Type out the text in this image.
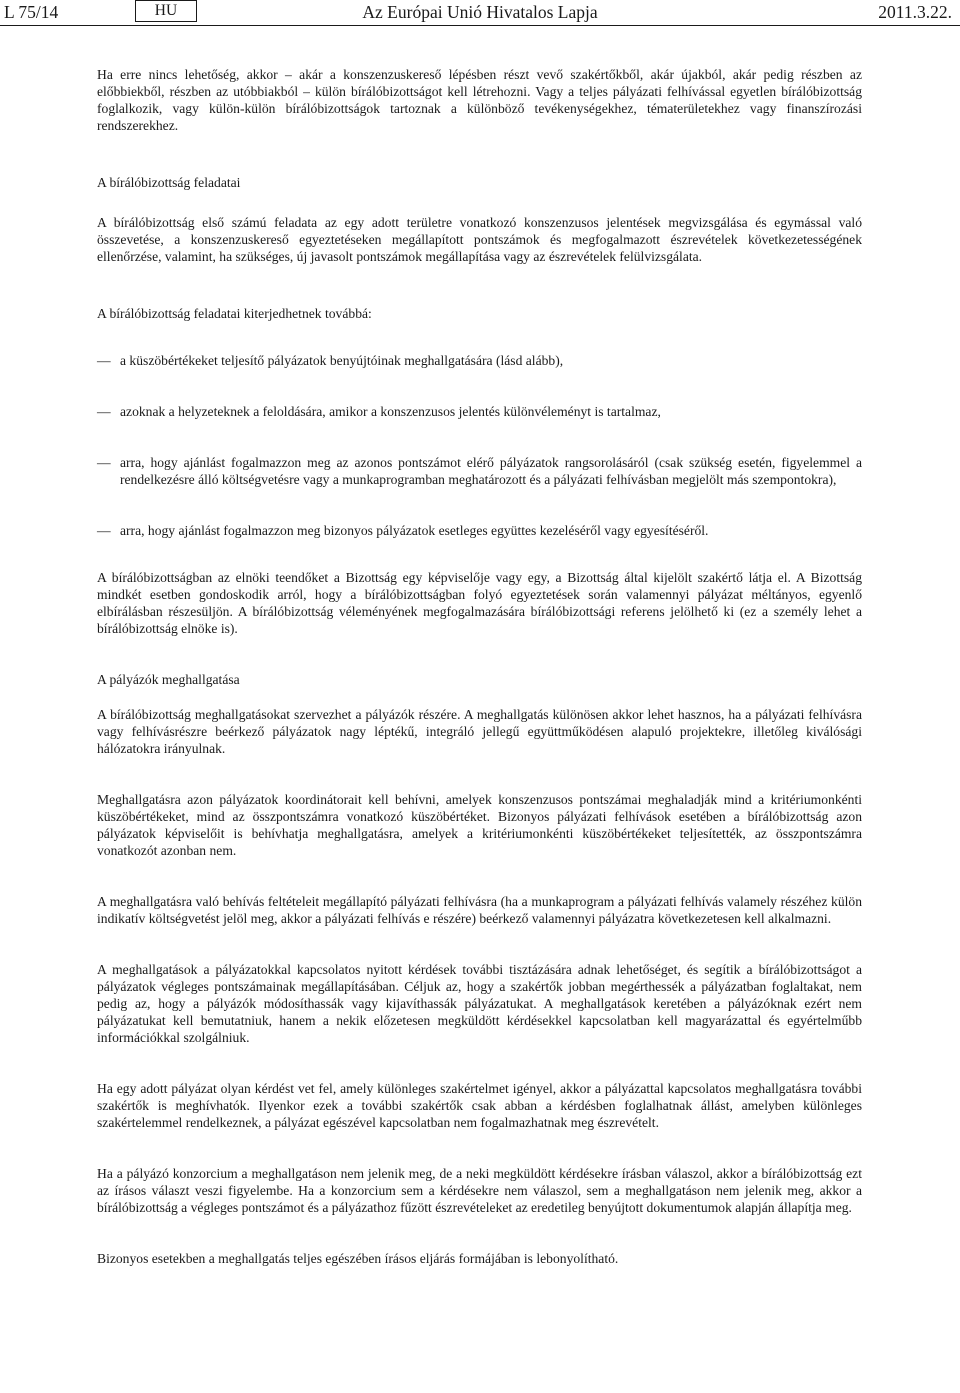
L 75/14	HU	Az Európai Unió Hivatalos Lapja	2011.3.22.

Ha erre nincs lehetőség, akkor – akár a konszenzuskereső lépésben részt vevő szakértőkből, akár újakból, akár pedig részben az előbbiekből, részben az utóbbiakból – külön bírálóbizottságot kell létrehozni. Vagy a teljes pályázati felhívással egyetlen bírálóbizottság foglalkozik, vagy külön-külön bírálóbizottságok tartoznak a különböző tevékenységekhez, tématerületekhez vagy finanszírozási rendszerekhez.

A bírálóbizottság feladatai

A bírálóbizottság első számú feladata az egy adott területre vonatkozó konszenzusos jelentések megvizsgálása és egymással való összevetése, a konszenzuskereső egyeztetéseken megállapított pontszámok és megfogalmazott észrevételek következetességének ellenőrzése, valamint, ha szükséges, új javasolt pontszámok megállapítása vagy az észrevételek felülvizsgálata.

A bírálóbizottság feladatai kiterjedhetnek továbbá:

— a küszöbértékeket teljesítő pályázatok benyújtóinak meghallgatására (lásd alább),
— azoknak a helyzeteknek a feloldására, amikor a konszenzusos jelentés különvéleményt is tartalmaz,
— arra, hogy ajánlást fogalmazzon meg az azonos pontszámot elérő pályázatok rangsorolásáról (csak szükség esetén, figyelemmel a rendelkezésre álló költségvetésre vagy a munkaprogramban meghatározott és a pályázati felhívásban megjelölt más szempontokra),
— arra, hogy ajánlást fogalmazzon meg bizonyos pályázatok esetleges együttes kezeléséről vagy egyesítéséről.

A bírálóbizottságban az elnöki teendőket a Bizottság egy képviselője vagy egy, a Bizottság által kijelölt szakértő látja el. A Bizottság mindkét esetben gondoskodik arról, hogy a bírálóbizottságban folyó egyeztetések során valamennyi pályázat méltányos, egyenlő elbírálásban részesüljön. A bírálóbizottság véleményének megfogalmazására bírálóbizottsági referens jelölhető ki (ez a személy lehet a bírálóbizottság elnöke is).

A pályázók meghallgatása

A bírálóbizottság meghallgatásokat szervezhet a pályázók részére. A meghallgatás különösen akkor lehet hasznos, ha a pályázati felhívásra vagy felhívásrészre beérkező pályázatok nagy léptékű, integráló jellegű együttműködésen alapuló projektekre, illetőleg kiválósági hálózatokra irányulnak.

Meghallgatásra azon pályázatok koordinátorait kell behívni, amelyek konszenzusos pontszámai meghaladják mind a kritériumonkénti küszöbértékeket, mind az összpontszámra vonatkozó küszöbértéket. Bizonyos pályázati felhívások esetében a bírálóbizottság azon pályázatok képviselőit is behívhatja meghallgatásra, amelyek a kritériumonkénti küszöbértékeket teljesítették, az összpontszámra vonatkozót azonban nem.

A meghallgatásra való behívás feltételeit megállapító pályázati felhívásra (ha a munkaprogram a pályázati felhívás valamely részéhez külön indikatív költségvetést jelöl meg, akkor a pályázati felhívás e részére) beérkező valamennyi pályázatra következetesen kell alkalmazni.

A meghallgatások a pályázatokkal kapcsolatos nyitott kérdések további tisztázására adnak lehetőséget, és segítik a bírálóbizottságot a pályázatok végleges pontszámainak megállapításában. Céljuk az, hogy a szakértők jobban megérthessék a pályázatban foglaltakat, nem pedig az, hogy a pályázók módosíthassák vagy kijavíthassák pályázatukat. A meghallgatások keretében a pályázóknak ezért nem pályázatukat kell bemutatniuk, hanem a nekik előzetesen megküldött kérdésekkel kapcsolatban kell magyarázattal és egyértelműbb információkkal szolgálniuk.

Ha egy adott pályázat olyan kérdést vet fel, amely különleges szakértelmet igényel, akkor a pályázattal kapcsolatos meghallgatásra további szakértők is meghívhatók. Ilyenkor ezek a további szakértők csak abban a kérdésben foglalhatnak állást, amelyben különleges szakértelemmel rendelkeznek, a pályázat egészével kapcsolatban nem fogalmazhatnak meg észrevételt.

Ha a pályázó konzorcium a meghallgatáson nem jelenik meg, de a neki megküldött kérdésekre írásban válaszol, akkor a bírálóbizottság ezt az írásos választ veszi figyelembe. Ha a konzorcium sem a kérdésekre nem válaszol, sem a meghallgatáson nem jelenik meg, akkor a bírálóbizottság a végleges pontszámot és a pályázathoz fűzött észrevételeket az eredetileg benyújtott dokumentumok alapján állapítja meg.

Bizonyos esetekben a meghallgatás teljes egészében írásos eljárás formájában is lebonyolítható.
